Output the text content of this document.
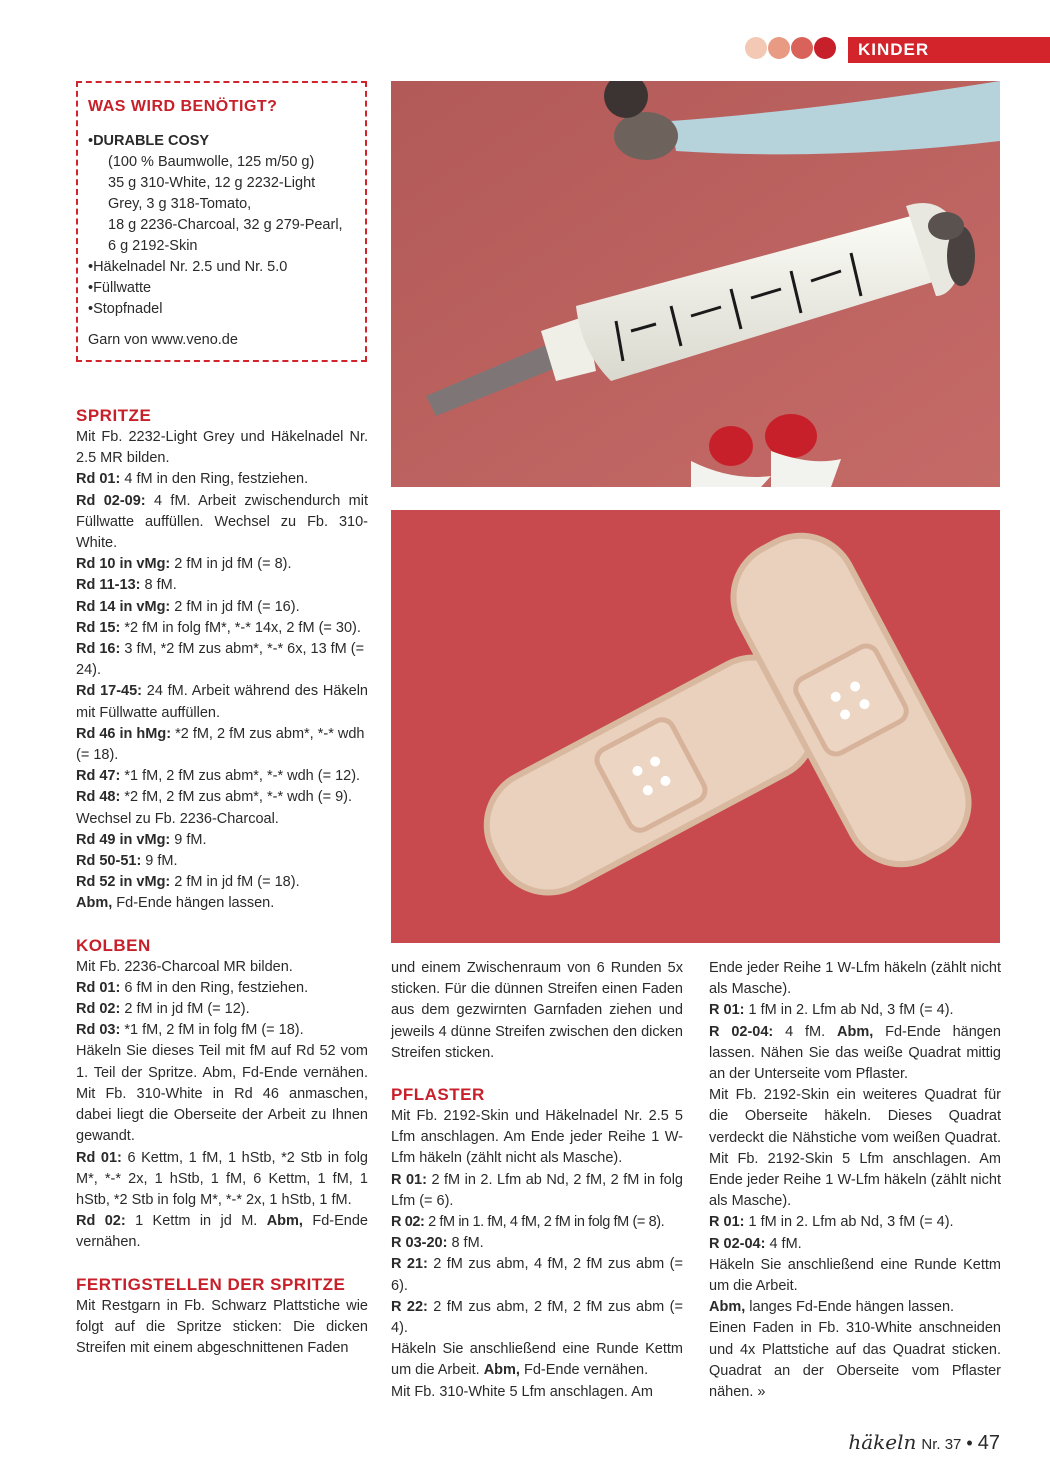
KINDER
WAS WIRD BENÖTIGT?
• DURABLE COSY
(100 % Baumwolle, 125 m/50 g)
35 g 310-White, 12 g 2232-Light
Grey, 3 g 318-Tomato,
18 g 2236-Charcoal, 32 g 279-Pearl,
6 g 2192-Skin
• Häkelnadel Nr. 2.5 und Nr. 5.0
• Füllwatte
• Stopfnadel
Garn von www.veno.de
SPRITZE

Mit Fb. 2232-Light Grey und Häkelnadel Nr. 2.5 MR bilden.

Rd 01: 4 fM in den Ring, festziehen.

Rd 02-09: 4 fM. Arbeit zwischendurch mit Füllwatte auffüllen. Wechsel zu Fb. 310-White.

Rd 10 in vMg: 2 fM in jd fM (= 8).

Rd 11-13: 8 fM.

Rd 14 in vMg: 2 fM in jd fM (= 16).

Rd 15: *2 fM in folg fM*, *-* 14x, 2 fM (= 30).

Rd 16: 3 fM, *2 fM zus abm*, *-* 6x, 13 fM (= 24).

Rd 17-45: 24 fM. Arbeit während des Häkeln mit Füllwatte auffüllen.

Rd 46 in hMg: *2 fM, 2 fM zus abm*, *-* wdh (= 18).

Rd 47: *1 fM, 2 fM zus abm*, *-* wdh (= 12).

Rd 48: *2 fM, 2 fM zus abm*, *-* wdh (= 9). Wechsel zu Fb. 2236-Charcoal.

Rd 49 in vMg: 9 fM.

Rd 50-51: 9 fM.

Rd 52 in vMg: 2 fM in jd fM (= 18).

Abm, Fd-Ende hängen lassen.

KOLBEN

Mit Fb. 2236-Charcoal MR bilden.

Rd 01: 6 fM in den Ring, festziehen.

Rd 02: 2 fM in jd fM (= 12).

Rd 03: *1 fM, 2 fM in folg fM (= 18).

Häkeln Sie dieses Teil mit fM auf Rd 52 vom 1. Teil der Spritze. Abm, Fd-Ende vernähen. Mit Fb. 310-White in Rd 46 anmaschen, dabei liegt die Oberseite der Arbeit zu Ihnen gewandt.

Rd 01: 6 Kettm, 1 fM, 1 hStb, *2 Stb in folg M*, *-* 2x, 1 hStb, 1 fM, 6 Kettm, 1 fM, 1 hStb, *2 Stb in folg M*, *-* 2x, 1 hStb, 1 fM.

Rd 02: 1 Kettm in jd M. Abm, Fd-Ende vernähen.

FERTIGSTELLEN DER SPRITZE

Mit Restgarn in Fb. Schwarz Plattstiche wie folgt auf die Spritze sticken: Die dicken Streifen mit einem abgeschnittenen Faden

und einem Zwischenraum von 6 Runden 5x sticken. Für die dünnen Streifen einen Faden aus dem gezwirnten Garnfaden ziehen und jeweils 4 dünne Streifen zwischen den dicken Streifen sticken.

PFLASTER

Mit Fb. 2192-Skin und Häkelnadel Nr. 2.5 5 Lfm anschlagen. Am Ende jeder Reihe 1 W-Lfm häkeln (zählt nicht als Masche).

R 01: 2 fM in 2. Lfm ab Nd, 2 fM, 2 fM in folg Lfm (= 6).

R 02: 2 fM in 1. fM, 4 fM, 2 fM in folg fM (= 8).

R 03-20: 8 fM.

R 21: 2 fM zus abm, 4 fM, 2 fM zus abm (= 6).

R 22: 2 fM zus abm, 2 fM, 2 fM zus abm (= 4).

Häkeln Sie anschließend eine Runde Kettm um die Arbeit. Abm, Fd-Ende vernähen.

Mit Fb. 310-White 5 Lfm anschlagen. Am

Ende jeder Reihe 1 W-Lfm häkeln (zählt nicht als Masche).

R 01: 1 fM in 2. Lfm ab Nd, 3 fM (= 4).

R 02-04: 4 fM. Abm, Fd-Ende hängen lassen. Nähen Sie das weiße Quadrat mittig an der Unterseite vom Pflaster.

Mit Fb. 2192-Skin ein weiteres Quadrat für die Oberseite häkeln. Dieses Quadrat verdeckt die Nähstiche vom weißen Quadrat. Mit Fb. 2192-Skin 5 Lfm anschlagen. Am Ende jeder Reihe 1 W-Lfm häkeln (zählt nicht als Masche).

R 01: 1 fM in 2. Lfm ab Nd, 3 fM (= 4).

R 02-04: 4 fM.

Häkeln Sie anschließend eine Runde Kettm um die Arbeit.

Abm, langes Fd-Ende hängen lassen.

Einen Faden in Fb. 310-White anschneiden und 4x Plattstiche auf das Quadrat sticken. Quadrat an der Oberseite vom Pflaster nähen. »

häkeln Nr. 37 • 47
